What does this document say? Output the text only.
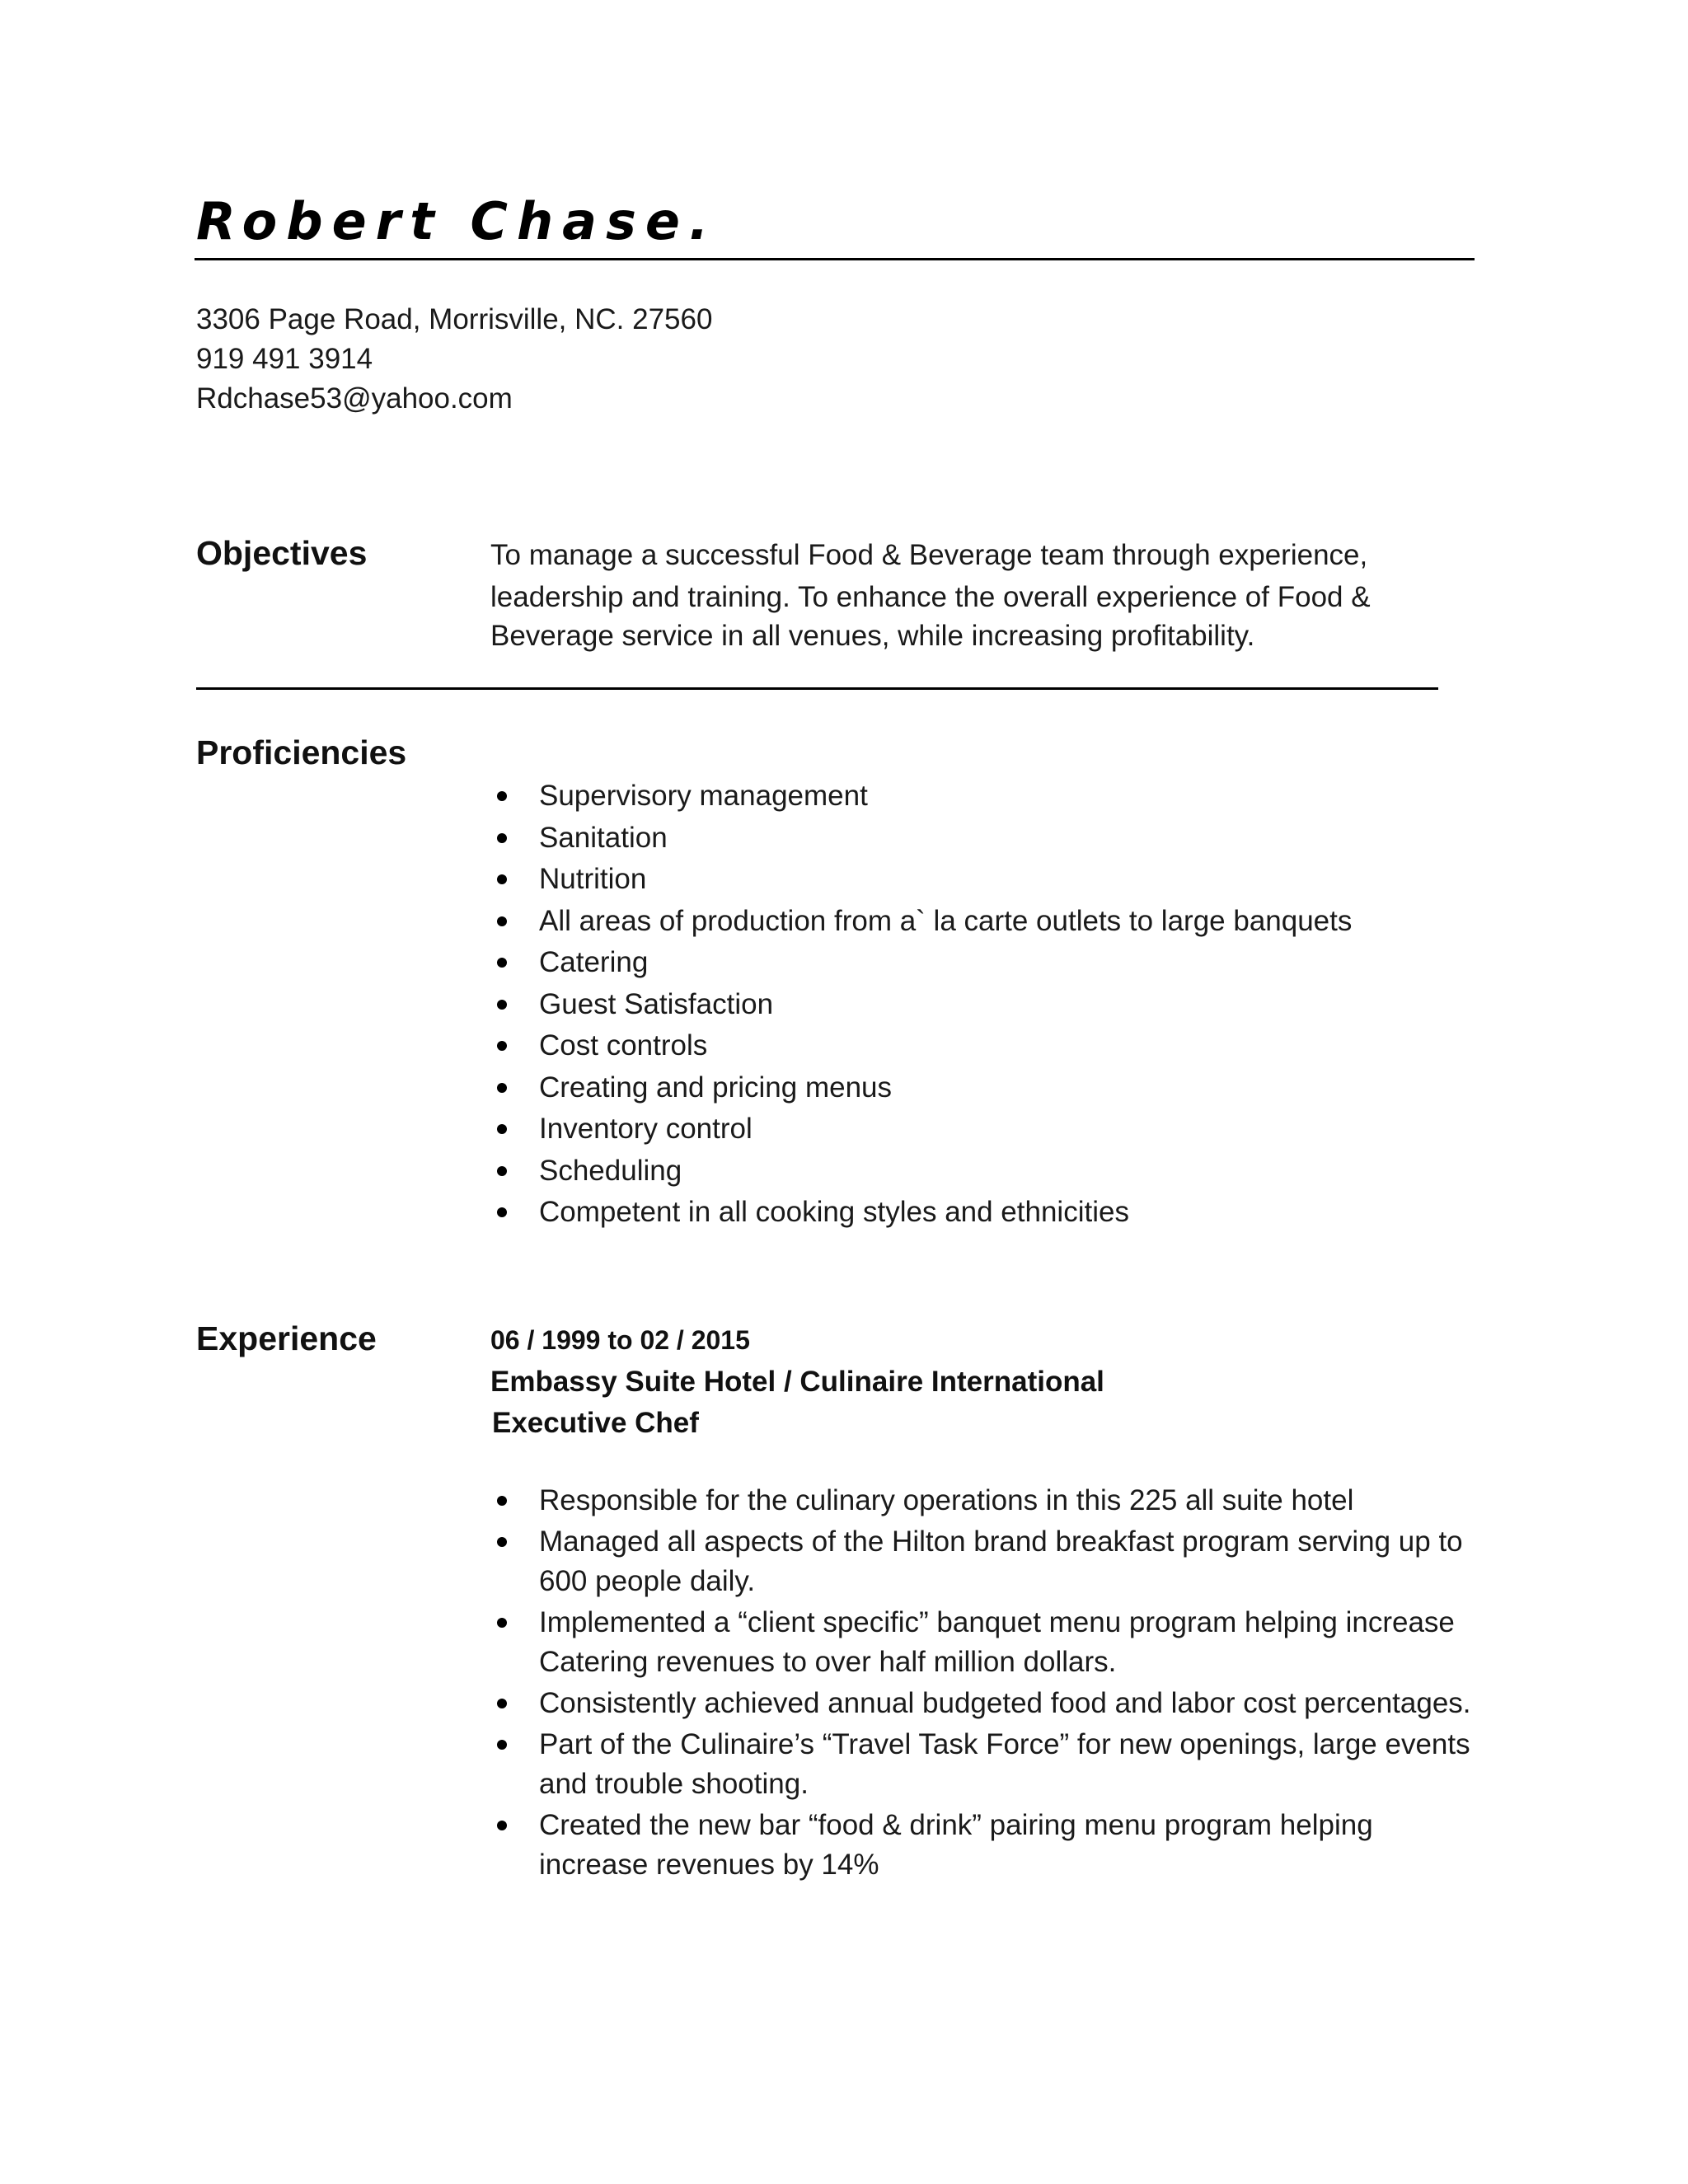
Robert Chase.
3306 Page Road, Morrisville, NC. 27560
919 491 3914
Rdchase53@yahoo.com
Objectives	To manage a successful Food & Beverage team through experience,
leadership and training. To enhance the overall experience of Food &
Beverage service in all venues, while increasing profitability.
Proficiencies
Supervisory management
Sanitation
Nutrition
All areas of production from a` la carte outlets to large banquets
Catering
Guest Satisfaction
Cost controls
Creating and pricing menus
Inventory control
Scheduling
Competent in all cooking styles and ethnicities
Experience	06 / 1999 to 02 / 2015
Embassy Suite Hotel / Culinaire International
Executive Chef
Responsible for the culinary operations in this 225 all suite hotel
Managed all aspects of the Hilton brand breakfast program serving up to 600 people daily.
Implemented a “client specific” banquet menu program helping increase Catering revenues to over half million dollars.
Consistently achieved annual budgeted food and labor cost percentages.
Part of the Culinaire’s “Travel Task Force” for new openings, large events and trouble shooting.
Created the new bar “food & drink” pairing menu program helping increase revenues by 14%
